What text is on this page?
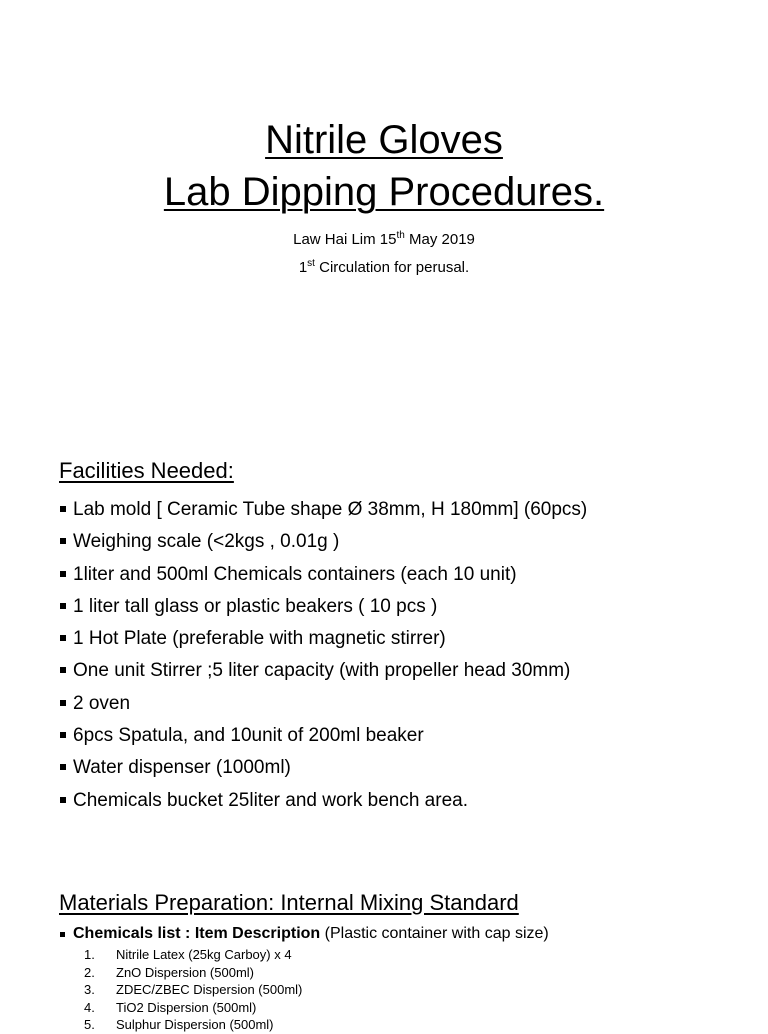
Nitrile Gloves
Lab Dipping Procedures.
Law Hai Lim 15th May 2019
1st Circulation for perusal.
Facilities Needed:
Lab mold [ Ceramic Tube shape Ø 38mm, H 180mm] (60pcs)
Weighing scale (<2kgs , 0.01g )
1liter and 500ml Chemicals containers (each 10 unit)
1 liter tall glass or plastic beakers ( 10 pcs )
1 Hot Plate (preferable with magnetic stirrer)
One unit Stirrer ;5 liter capacity (with propeller head 30mm)
2 oven
6pcs Spatula, and 10unit of 200ml beaker
Water dispenser (1000ml)
Chemicals bucket 25liter and work bench area.
Materials Preparation: Internal Mixing Standard
Chemicals list : Item Description (Plastic container with cap size)
1. Nitrile Latex (25kg Carboy) x 4
2. ZnO Dispersion (500ml)
3. ZDEC/ZBEC Dispersion (500ml)
4. TiO2 Dispersion (500ml)
5. Sulphur Dispersion (500ml)
